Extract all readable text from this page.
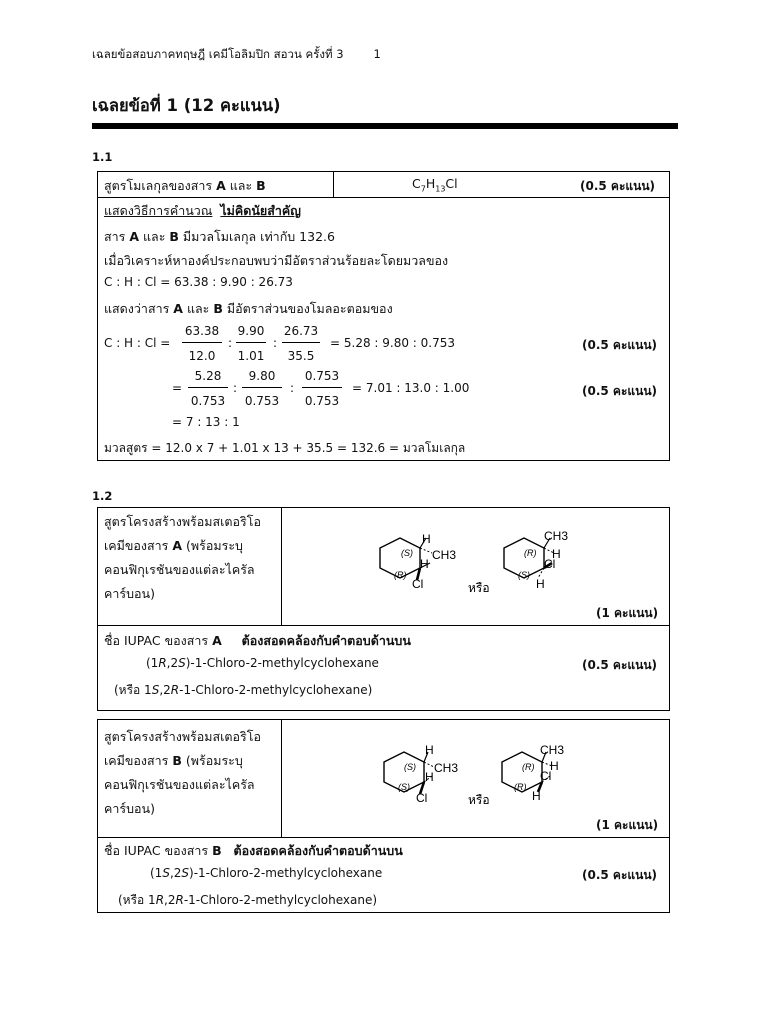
เฉลยข้อสอบภาคทฤษฎี เคมีโอลิมปิก สอวน ครั้งที่ 3	1
เฉลยข้อที่ 1 (12 คะแนน)
1.1
สูตรโมเลกุลของสาร A และ B	$C_7H_{13}Cl$	(0.5 คะแนน)
แสดงวิธีการคำนวณ ไม่คิดนัยสำคัญ
สาร A และ B มีมวลโมเลกุล เท่ากับ 132.6
เมื่อวิเคราะห์หาองค์ประกอบพบว่ามีอัตราส่วนร้อยละโดยมวลของ
C : H : Cl = 63.38 : 9.90 : 26.73
แสดงว่าสาร A และ B มีอัตราส่วนของโมลอะตอมของ
C : H : Cl =
63.38
12.0
:
9.90
1.01
:
26.73
35.5
= 5.28 : 9.80 : 0.753	(0.5 คะแนน)
=
5.28
0.753
:
9.80
0.753
:
0.753
0.753
= 7.01 : 13.0 : 1.00	(0.5 คะแนน)
= 7 : 13 : 1
มวลสูตร = 12.0 x 7 + 1.01 x 13 + 35.5 = 132.6 = มวลโมเลกุล
1.2
สูตรโครงสร้างพร้อมสเตอริโอ
เคมีของสาร A (พร้อมระบุ
คอนฟิกุเรชันของแต่ละไครัล
คาร์บอน)
(S)
H
CH3
H
(R)
Cl	หรือ
(R)
CH3
H
Cl
(S)
H
(1 คะแนน)
ชื่อ IUPAC ของสาร A ต้องสอดคล้องกับคำตอบด้านบน
(1R,2S)-1-Chloro-2-methylcyclohexane	(0.5 คะแนน)
(หรือ 1S,2R-1-Chloro-2-methylcyclohexane)
สูตรโครงสร้างพร้อมสเตอริโอ
เคมีของสาร B (พร้อมระบุ
คอนฟิกุเรชันของแต่ละไครัล
คาร์บอน)
(S)
H
CH3
H
(S)
Cl	หรือ
(R)
CH3
H
Cl
(R)
H
(1 คะแนน)
ชื่อ IUPAC ของสาร B ต้องสอดคล้องกับคำตอบด้านบน
(1S,2S)-1-Chloro-2-methylcyclohexane	(0.5 คะแนน)
(หรือ 1R,2R-1-Chloro-2-methylcyclohexane)
